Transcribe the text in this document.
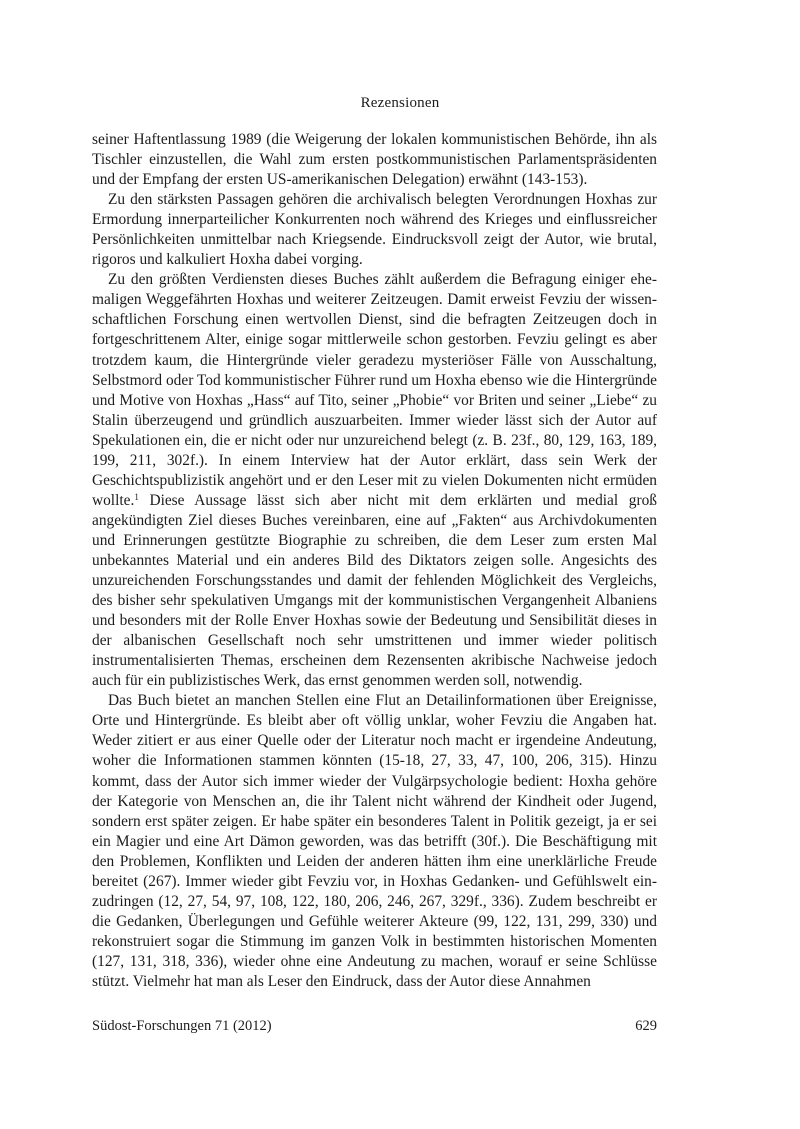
Rezensionen

seiner Haftentlassung 1989 (die Weigerung der lokalen kommunistischen Behörde, ihn als Tischler einzustellen, die Wahl zum ersten postkommunistischen Parlamentspräsidenten und der Empfang der ersten US-amerikanischen Delegation) erwähnt (143-153).

Zu den stärksten Passagen gehören die archivalisch belegten Verordnungen Hoxhas zur Ermordung innerparteilicher Konkurrenten noch während des Krieges und einflussreicher Persönlichkeiten unmittelbar nach Kriegsende. Eindrucksvoll zeigt der Autor, wie brutal, rigoros und kalkuliert Hoxha dabei vorging.

Zu den größten Verdiensten dieses Buches zählt außerdem die Befragung einiger ehemaligen Weggefährten Hoxhas und weiterer Zeitzeugen. Damit erweist Fevziu der wissenschaftlichen Forschung einen wertvollen Dienst, sind die befragten Zeitzeugen doch in fortgeschrittenem Alter, einige sogar mittlerweile schon gestorben. Fevziu gelingt es aber trotzdem kaum, die Hintergründe vieler geradezu mysteriöser Fälle von Ausschaltung, Selbstmord oder Tod kommunistischer Führer rund um Hoxha ebenso wie die Hintergründe und Motive von Hoxhas „Hass“ auf Tito, seiner „Phobie“ vor Briten und seiner „Liebe“ zu Stalin überzeugend und gründlich auszuarbeiten. Immer wieder lässt sich der Autor auf Spekulationen ein, die er nicht oder nur unzureichend belegt (z. B. 23f., 80, 129, 163, 189, 199, 211, 302f.). In einem Interview hat der Autor erklärt, dass sein Werk der Geschichtspublizistik angehört und er den Leser mit zu vielen Dokumenten nicht ermüden wollte.$^1$ Diese Aussage lässt sich aber nicht mit dem erklärten und medial groß angekündigten Ziel dieses Buches vereinbaren, eine auf „Fakten“ aus Archivdokumenten und Erinnerungen gestützte Biographie zu schreiben, die dem Leser zum ersten Mal unbekanntes Material und ein anderes Bild des Diktators zeigen solle. Angesichts des unzureichenden Forschungsstandes und damit der fehlenden Möglichkeit des Vergleichs, des bisher sehr spekulativen Umgangs mit der kommunistischen Vergangenheit Albaniens und besonders mit der Rolle Enver Hoxhas sowie der Bedeutung und Sensibilität dieses in der albanischen Gesellschaft noch sehr umstrittenen und immer wieder politisch instrumentalisierten Themas, erscheinen dem Rezensenten akribische Nachweise jedoch auch für ein publizistisches Werk, das ernst genommen werden soll, notwendig.

Das Buch bietet an manchen Stellen eine Flut an Detailinformationen über Ereignisse, Orte und Hintergründe. Es bleibt aber oft völlig unklar, woher Fevziu die Angaben hat. Weder zitiert er aus einer Quelle oder der Literatur noch macht er irgendeine Andeutung, woher die Informationen stammen könnten (15-18, 27, 33, 47, 100, 206, 315). Hinzu kommt, dass der Autor sich immer wieder der Vulgärpsychologie bedient: Hoxha gehöre der Kategorie von Menschen an, die ihr Talent nicht während der Kindheit oder Jugend, sondern erst später zeigen. Er habe später ein besonderes Talent in Politik gezeigt, ja er sei ein Magier und eine Art Dämon geworden, was das betrifft (30f.). Die Beschäftigung mit den Problemen, Konflikten und Leiden der anderen hätten ihm eine unerklärliche Freude bereitet (267). Immer wieder gibt Fevziu vor, in Hoxhas Gedanken- und Gefühlswelt einzudringen (12, 27, 54, 97, 108, 122, 180, 206, 246, 267, 329f., 336). Zudem beschreibt er die Gedanken, Überlegungen und Gefühle weiterer Akteure (99, 122, 131, 299, 330) und rekonstruiert sogar die Stimmung im ganzen Volk in bestimmten historischen Momenten (127, 131, 318, 336), wieder ohne eine Andeutung zu machen, worauf er seine Schlüsse stützt. Vielmehr hat man als Leser den Eindruck, dass der Autor diese Annahmen

Südost-Forschungen 71 (2012)	629
